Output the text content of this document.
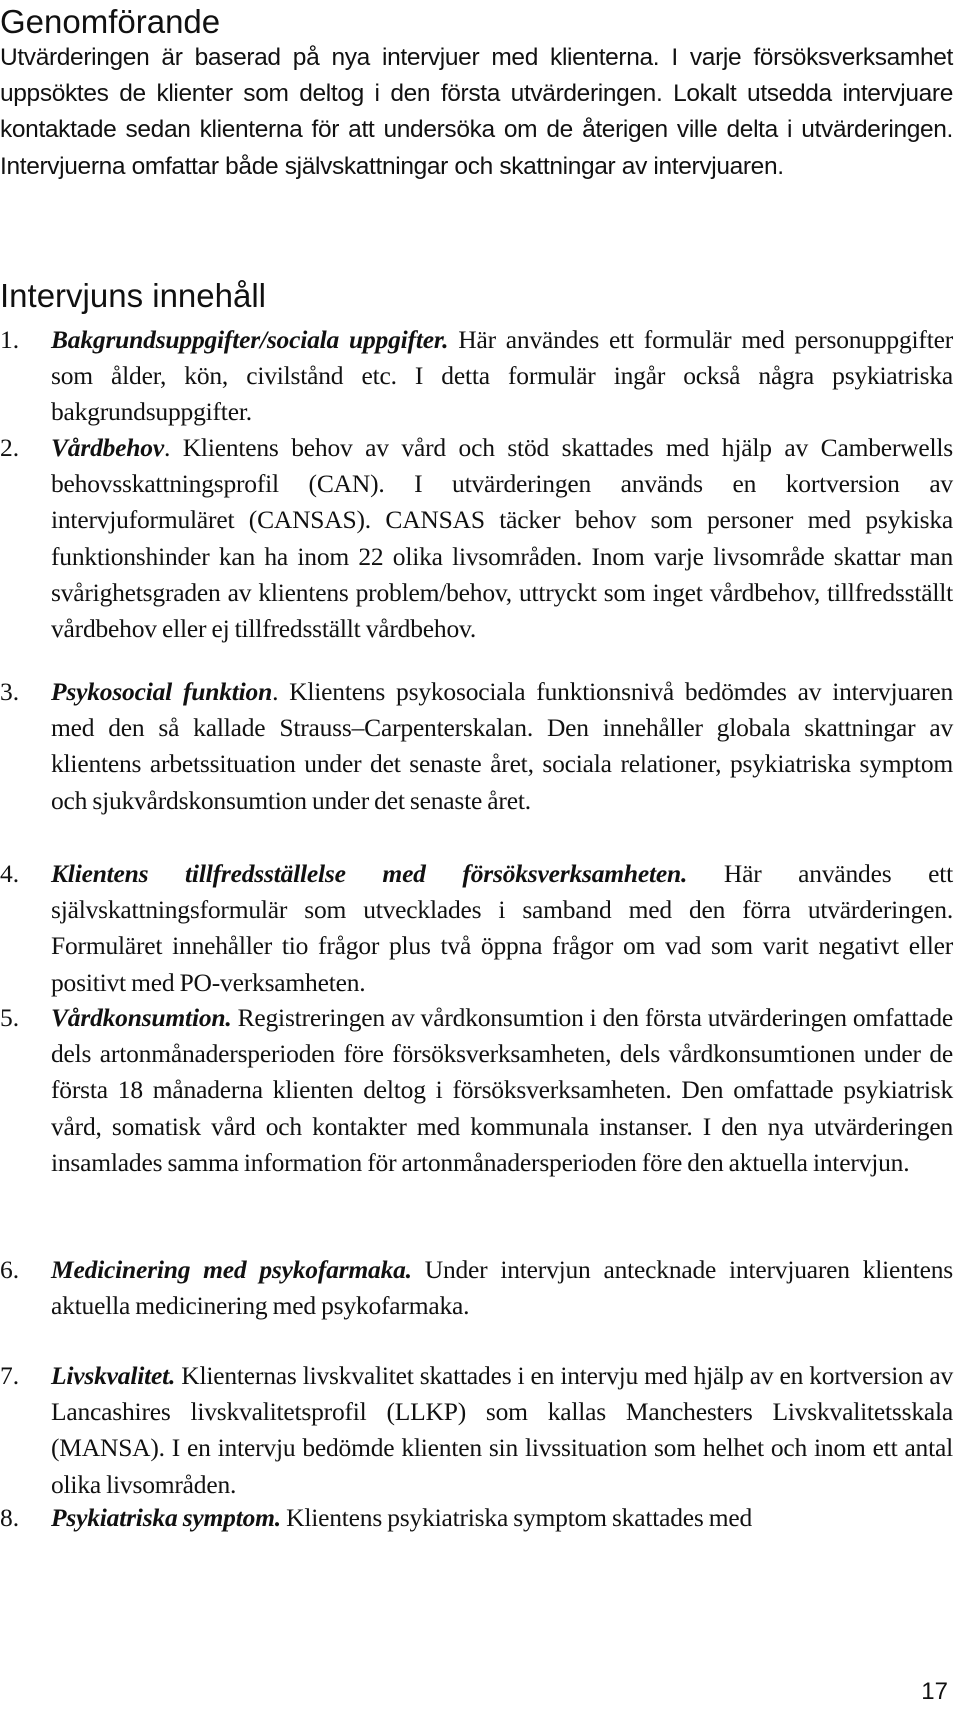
Genomförande

Utvärderingen är baserad på nya intervjuer med klienterna. I varje försöksverksamhet uppsöktes de klienter som deltog i den första utvärderingen. Lokalt utsedda intervjuare kontaktade sedan klienterna för att undersöka om de återigen ville delta i utvärderingen. Intervjuerna omfattar både självskattningar och skattningar av intervjuaren.

Intervjuns innehåll
1.	Bakgrundsuppgifter/sociala uppgifter. Här användes ett formulär med personuppgifter som ålder, kön, civilstånd etc. I detta formulär ingår också några psykiatriska bakgrundsuppgifter.

2.	Vårdbehov. Klientens behov av vård och stöd skattades med hjälp av Camberwells behovsskattningsprofil (CAN). I utvärderingen används en kortversion av intervjuformuläret (CANSAS). CANSAS täcker behov som personer med psykiska funktionshinder kan ha inom 22 olika livsområden. Inom varje livsområde skattar man svårighetsgraden av klientens problem/behov, uttryckt som inget vårdbehov, tillfredsställt vårdbehov eller ej tillfredsställt vårdbehov.

3.	Psykosocial funktion. Klientens psykosociala funktionsnivå bedömdes av intervjuaren med den så kallade Strauss–Carpenterskalan. Den innehåller globala skattningar av klientens arbetssituation under det senaste året, sociala relationer, psykiatriska symptom och sjukvårdskonsumtion under det senaste året.

4.	Klientens tillfredsställelse med försöksverksamheten. Här användes ett självskattningsformulär som utvecklades i samband med den förra utvärderingen. Formuläret innehåller tio frågor plus två öppna frågor om vad som varit negativt eller positivt med PO-verksamheten.

5.	Vårdkonsumtion. Registreringen av vårdkonsumtion i den första utvärderingen omfattade dels artonmånadersperioden före försöksverksamheten, dels vårdkonsumtionen under de första 18 månaderna klienten deltog i försöksverksamheten. Den omfattade psykiatrisk vård, somatisk vård och kontakter med kommunala instanser. I den nya utvärderingen insamlades samma information för artonmånadersperioden före den aktuella intervjun.

6.	Medicinering med psykofarmaka. Under intervjun antecknade intervjuaren klientens aktuella medicinering med psykofarmaka.

7.	Livskvalitet. Klienternas livskvalitet skattades i en intervju med hjälp av en kortversion av Lancashires livskvalitetsprofil (LLKP) som kallas Manchesters Livskvalitetsskala (MANSA). I en intervju bedömde klienten sin livssituation som helhet och inom ett antal olika livsområden.

8.	Psykiatriska symptom. Klientens psykiatriska symptom skattades med

17
